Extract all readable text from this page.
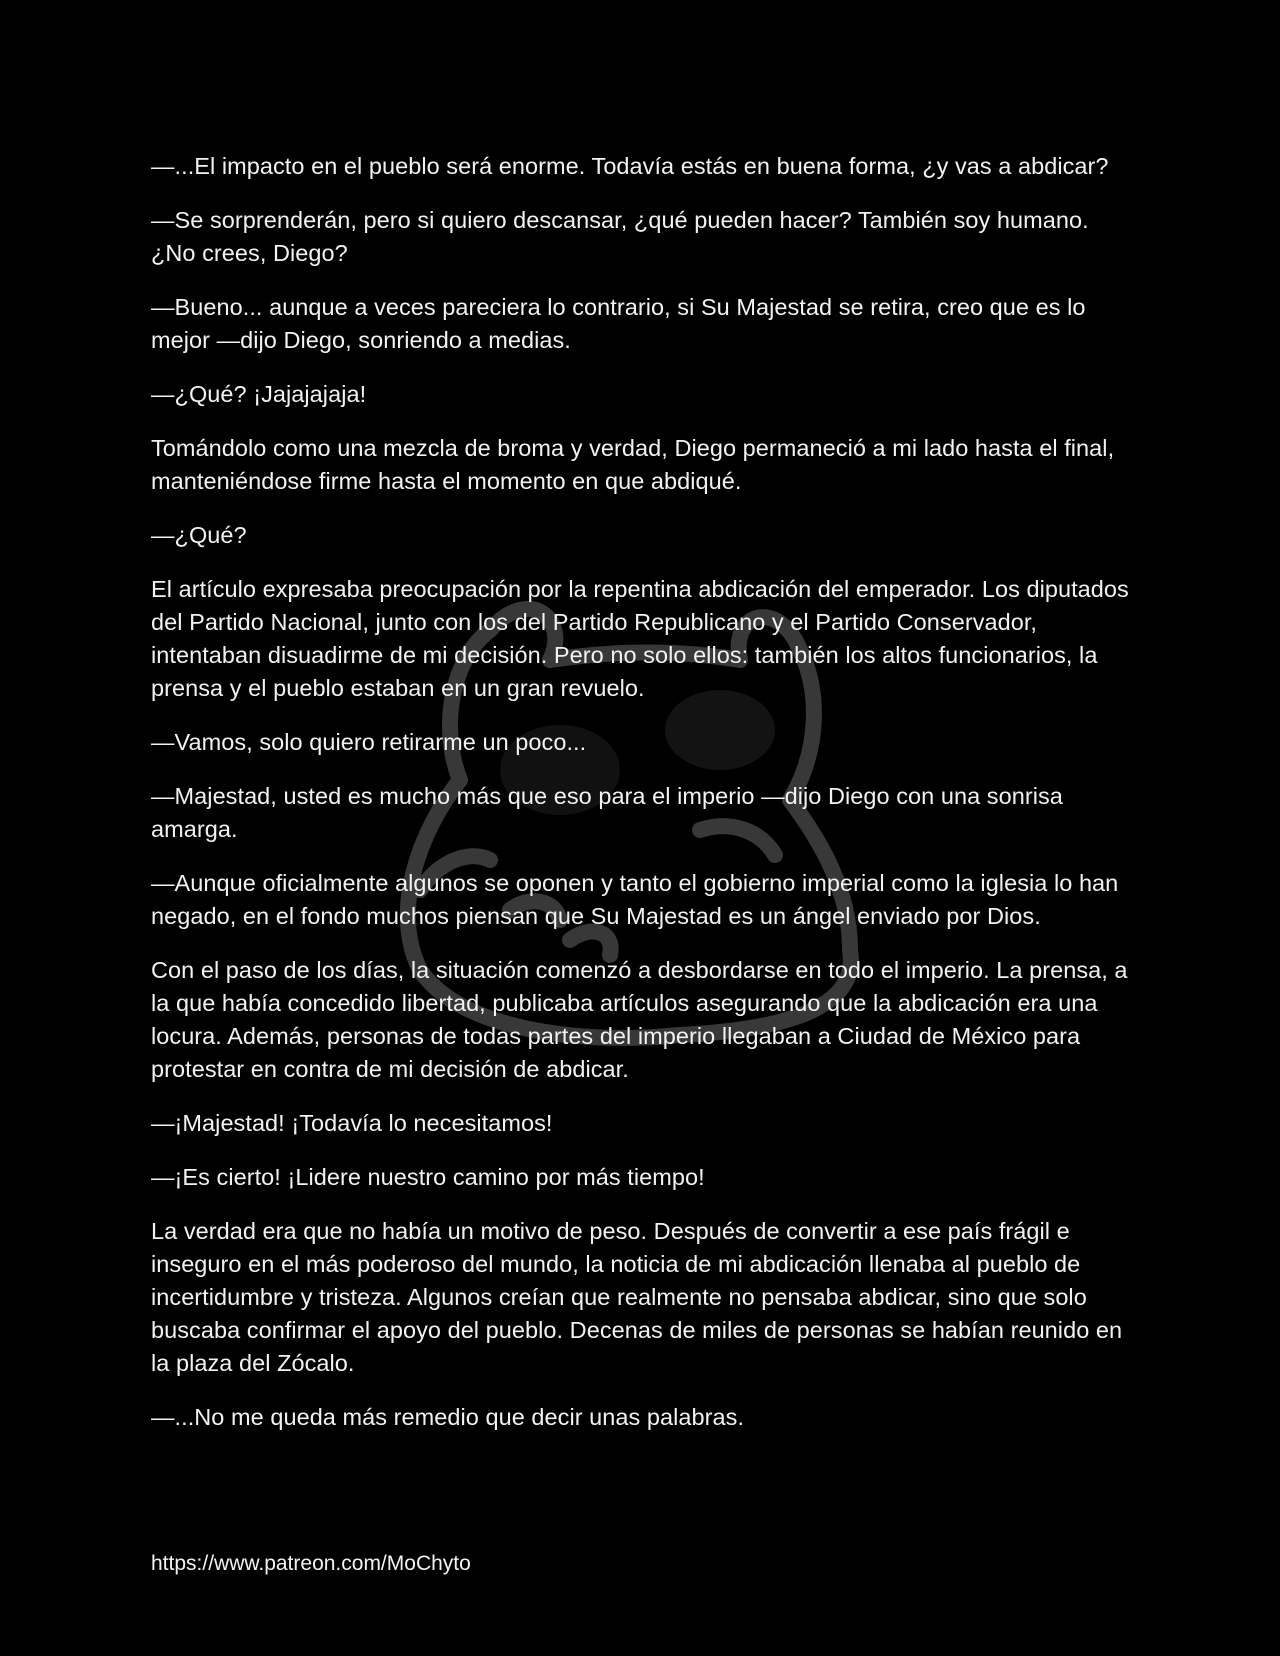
—...El impacto en el pueblo será enorme. Todavía estás en buena forma, ¿y vas a abdicar?

—Se sorprenderán, pero si quiero descansar, ¿qué pueden hacer? También soy humano. ¿No crees, Diego?

—Bueno... aunque a veces pareciera lo contrario, si Su Majestad se retira, creo que es lo mejor —dijo Diego, sonriendo a medias.

—¿Qué? ¡Jajajajaja!

Tomándolo como una mezcla de broma y verdad, Diego permaneció a mi lado hasta el final, manteniéndose firme hasta el momento en que abdiqué.

—¿Qué?

El artículo expresaba preocupación por la repentina abdicación del emperador. Los diputados del Partido Nacional, junto con los del Partido Republicano y el Partido Conservador, intentaban disuadirme de mi decisión. Pero no solo ellos: también los altos funcionarios, la prensa y el pueblo estaban en un gran revuelo.

—Vamos, solo quiero retirarme un poco...

—Majestad, usted es mucho más que eso para el imperio —dijo Diego con una sonrisa amarga.

—Aunque oficialmente algunos se oponen y tanto el gobierno imperial como la iglesia lo han negado, en el fondo muchos piensan que Su Majestad es un ángel enviado por Dios.

Con el paso de los días, la situación comenzó a desbordarse en todo el imperio. La prensa, a la que había concedido libertad, publicaba artículos asegurando que la abdicación era una locura. Además, personas de todas partes del imperio llegaban a Ciudad de México para protestar en contra de mi decisión de abdicar.

—¡Majestad! ¡Todavía lo necesitamos!

—¡Es cierto! ¡Lidere nuestro camino por más tiempo!

La verdad era que no había un motivo de peso. Después de convertir a ese país frágil e inseguro en el más poderoso del mundo, la noticia de mi abdicación llenaba al pueblo de incertidumbre y tristeza. Algunos creían que realmente no pensaba abdicar, sino que solo buscaba confirmar el apoyo del pueblo. Decenas de miles de personas se habían reunido en la plaza del Zócalo.

—...No me queda más remedio que decir unas palabras.

https://www.patreon.com/MoChyto
